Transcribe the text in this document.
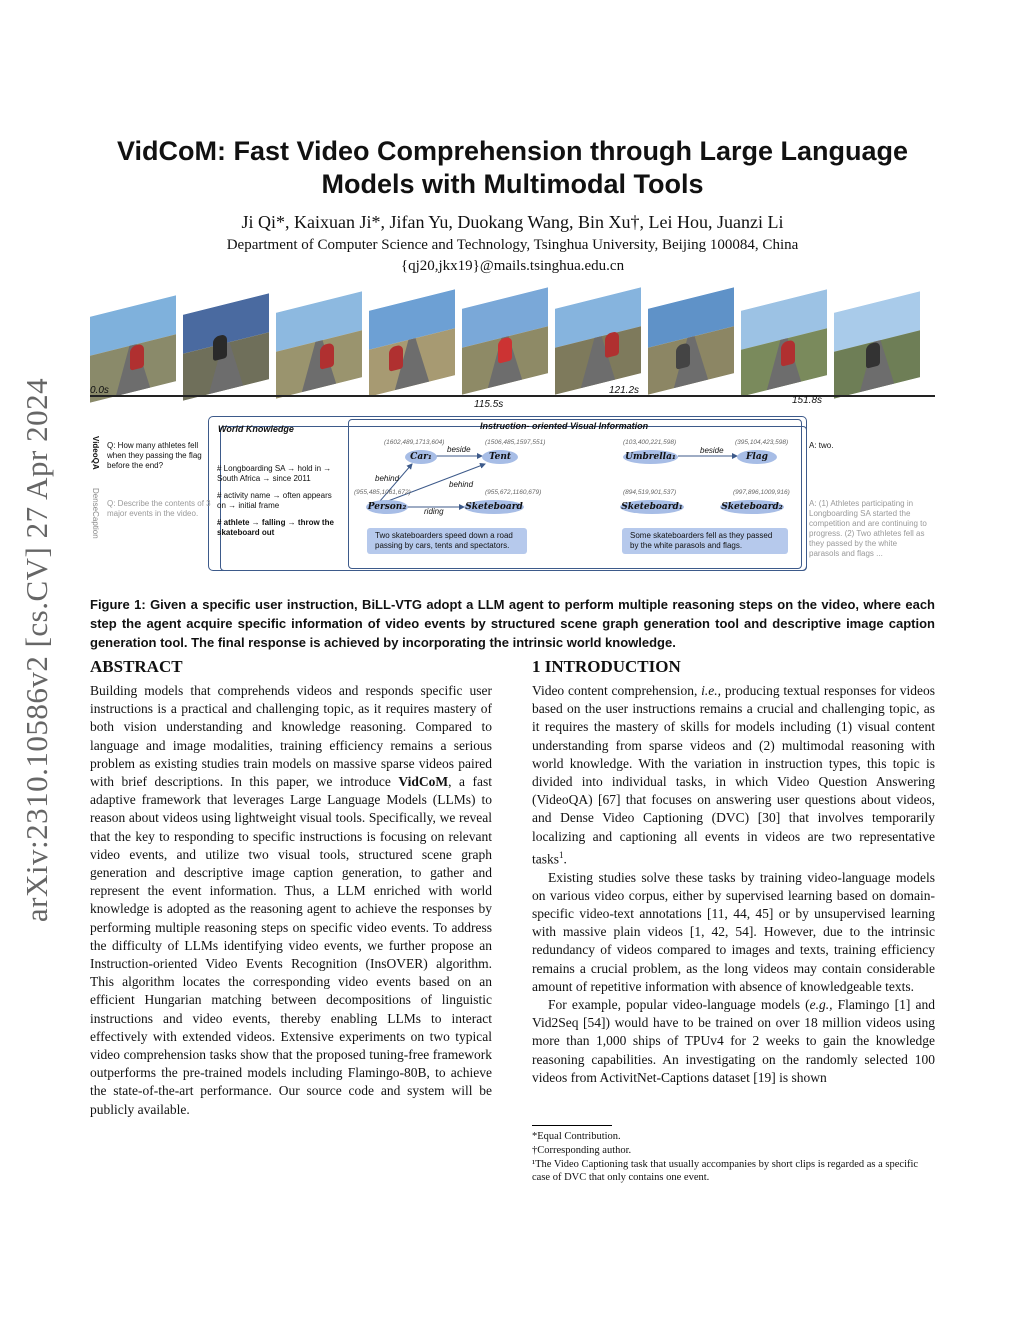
arXiv:2310.10586v2 [cs.CV] 27 Apr 2024
VidCoM: Fast Video Comprehension through Large Language Models with Multimodal Tools
Ji Qi*, Kaixuan Ji*, Jifan Yu, Duokang Wang, Bin Xu†, Lei Hou, Juanzi Li
Department of Computer Science and Technology, Tsinghua University, Beijing 100084, China
{qj20,jkx19}@mails.tsinghua.edu.cn
0.0s
115.5s
121.2s
151.8s
World Knowledge	Instruction- oriented Visual Information
VideoQA
DenseCaption
Q: How many athletes fell when they passing the flag before the end?
Q: Describe the contents of 3 major events in the video.
# Longboarding SA → hold in → South Africa → since 2011
# activity name → often appears on → initial frame
# athlete → falling → throw the skateboard out
(1602,489,1713,604)	(1506,485,1597,551)
(955,485,1061,672)	(955,672,1160,679)
Car₁	Tent
Person₂	Sketeboard
beside
behind
behind
riding
Two skateboarders speed down a road passing by cars, tents and spectators.
(103,400,221,598)	(395,104,423,598)
(894,519,901,537)	(997,896,1009,916)
Umbrella₁	Flag
Sketeboard₁	Sketeboard₂
beside
Some skateboarders fell as they passed by the white parasols and flags.
A: two.
A: (1) Athletes participating in Longboarding SA started the competition and are continuing to progress. (2) Two athletes fell as they passed by the white parasols and flags ...
Figure 1: Given a specific user instruction, BiLL-VTG adopt a LLM agent to perform multiple reasoning steps on the video, where each step the agent acquire specific information of video events by structured scene graph generation tool and descriptive image caption generation tool. The final response is achieved by incorporating the intrinsic world knowledge.
ABSTRACT

Building models that comprehends videos and responds specific user instructions is a practical and challenging topic, as it requires mastery of both vision understanding and knowledge reasoning. Compared to language and image modalities, training efficiency remains a serious problem as existing studies train models on massive sparse videos paired with brief descriptions. In this paper, we introduce VidCoM, a fast adaptive framework that leverages Large Language Models (LLMs) to reason about videos using lightweight visual tools. Specifically, we reveal that the key to responding to specific instructions is focusing on relevant video events, and utilize two visual tools, structured scene graph generation and descriptive image caption generation, to gather and represent the event information. Thus, a LLM enriched with world knowledge is adopted as the reasoning agent to achieve the responses by performing multiple reasoning steps on specific video events. To address the difficulty of LLMs identifying video events, we further propose an Instruction-oriented Video Events Recognition (InsOVER) algorithm. This algorithm locates the corresponding video events based on an efficient Hungarian matching between decompositions of linguistic instructions and video events, thereby enabling LLMs to interact effectively with extended videos. Extensive experiments on two typical video comprehension tasks show that the proposed tuning-free framework outperforms the pre-trained models including Flamingo-80B, to achieve the state-of-the-art performance. Our source code and system will be publicly available.

1 INTRODUCTION

Video content comprehension, i.e., producing textual responses for videos based on the user instructions remains a crucial and challenging topic, as it requires the mastery of skills for models including (1) visual content understanding from sparse videos and (2) multimodal reasoning with world knowledge. With the variation in instruction types, this topic is divided into individual tasks, in which Video Question Answering (VideoQA) [67] that focuses on answering user questions about videos, and Dense Video Captioning (DVC) [30] that involves temporarily localizing and captioning all events in videos are two representative tasks$^1$.

Existing studies solve these tasks by training video-language models on various video corpus, either by supervised learning based on domain-specific video-text annotations [11, 44, 45] or by unsupervised learning with massive plain videos [1, 42, 54]. However, due to the intrinsic redundancy of videos compared to images and texts, training efficiency remains a crucial problem, as the long videos may contain considerable amount of repetitive information with absence of knowledgeable texts.

For example, popular video-language models (e.g., Flamingo [1] and Vid2Seq [54]) would have to be trained on over 18 million videos using more than 1,000 ships of TPUv4 for 2 weeks to gain the knowledge reasoning capabilities. An investigating on the randomly selected 100 videos from ActivitNet-Captions dataset [19] is shown

*Equal Contribution.
†Corresponding author.
¹The Video Captioning task that usually accompanies by short clips is regarded as a specific case of DVC that only contains one event.
